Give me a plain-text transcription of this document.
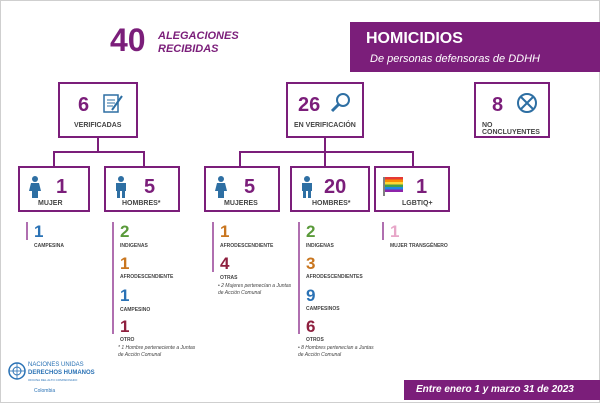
40 ALEGACIONES
RECIBIDAS
HOMICIDIOS
De personas defensoras de DDHH
6
VERIFICADAS
26
EN VERIFICACIÓN
8
NO CONCLUYENTES
1
MUJER
5
HOMBRES*
5
MUJERES
20
HOMBRES*
1
LGBTIQ+
1
CAMPESINA
2
INDIGENAS
1
AFRODESCENDIENTE
1
CAMPESINO
1
OTRO
* 1 Hombre perteneciente a Juntas de Acción Comunal
1
AFRODESCENDIENTE
4
OTRAS
• 2 Mujeres pertenecían a Juntas de Acción Comunal
2
INDIGENAS
3
AFRODESCENDIENTES
9
CAMPESINOS
6
OTROS
• 8 Hombres pertenecían a Juntas de Acción Comunal
1
MUJER TRANSGÉNERO
NACIONES UNIDAS
DERECHOS HUMANOS
OFICINA DEL ALTO COMISIONADO
Colombia	Entre enero 1 y marzo 31 de 2023
